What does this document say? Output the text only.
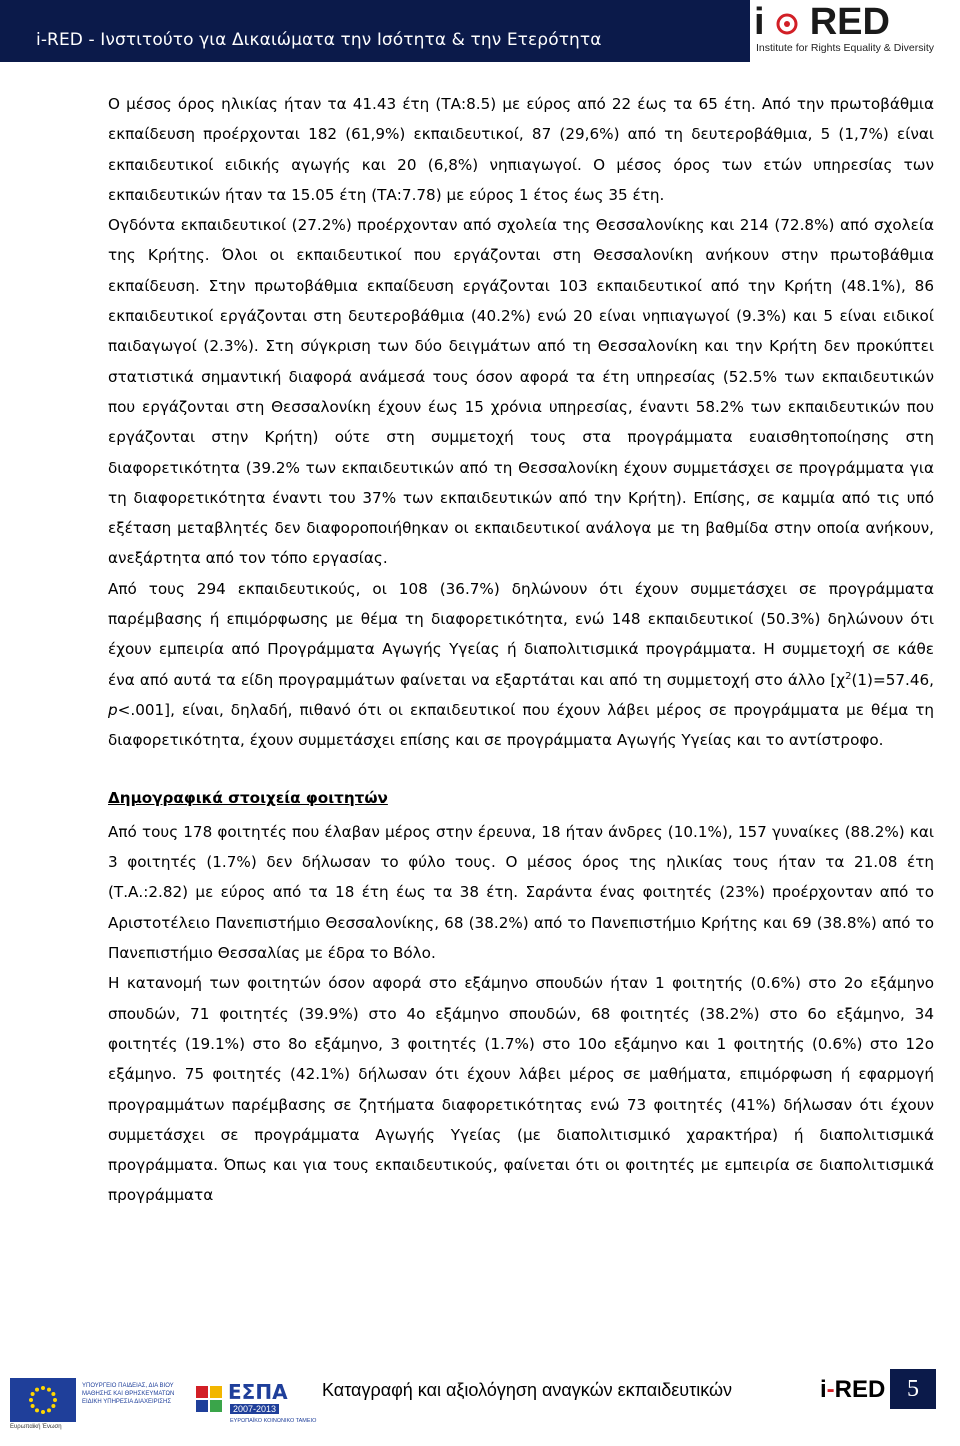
i-RED - Ινστιτούτο για Δικαιώματα την Ισότητα & την Ετερότητα	i RED
Institute for Rights Equality & Diversity

Ο μέσος όρος ηλικίας ήταν τα 41.43 έτη (ΤΑ:8.5) με εύρος από 22 έως τα 65 έτη. Από την πρωτοβάθμια εκπαίδευση προέρχονται 182 (61,9%) εκπαιδευτικοί, 87 (29,6%) από τη δευτεροβάθμια, 5 (1,7%) είναι εκπαιδευτικοί ειδικής αγωγής και 20 (6,8%) νηπιαγωγοί. Ο μέσος όρος των ετών υπηρεσίας των εκπαιδευτικών ήταν τα 15.05 έτη (ΤΑ:7.78) με εύρος 1 έτος έως 35 έτη.

Ογδόντα εκπαιδευτικοί (27.2%) προέρχονταν από σχολεία της Θεσσαλονίκης και 214 (72.8%) από σχολεία της Κρήτης. Όλοι οι εκπαιδευτικοί που εργάζονται στη Θεσσαλονίκη ανήκουν στην πρωτοβάθμια εκπαίδευση. Στην πρωτοβάθμια εκπαίδευση εργάζονται 103 εκπαιδευτικοί από την Κρήτη (48.1%), 86 εκπαιδευτικοί εργάζονται στη δευτεροβάθμια (40.2%) ενώ 20 είναι νηπιαγωγοί (9.3%) και 5 είναι ειδικοί παιδαγωγοί (2.3%). Στη σύγκριση των δύο δειγμάτων από τη Θεσσαλονίκη και την Κρήτη δεν προκύπτει στατιστικά σημαντική διαφορά ανάμεσά τους όσον αφορά τα έτη υπηρεσίας (52.5% των εκπαιδευτικών που εργάζονται στη Θεσσαλονίκη έχουν έως 15 χρόνια υπηρεσίας, έναντι 58.2% των εκπαιδευτικών που εργάζονται στην Κρήτη) ούτε στη συμμετοχή τους στα προγράμματα ευαισθητοποίησης στη διαφορετικότητα (39.2% των εκπαιδευτικών από τη Θεσσαλονίκη έχουν συμμετάσχει σε προγράμματα για τη διαφορετικότητα έναντι του 37% των εκπαιδευτικών από την Κρήτη). Επίσης, σε καμμία από τις υπό εξέταση μεταβλητές δεν διαφοροποιήθηκαν οι εκπαιδευτικοί ανάλογα με τη βαθμίδα στην οποία ανήκουν, ανεξάρτητα από τον τόπο εργασίας.

Από τους 294 εκπαιδευτικούς, οι 108 (36.7%) δηλώνουν ότι έχουν συμμετάσχει σε προγράμματα παρέμβασης ή επιμόρφωσης με θέμα τη διαφορετικότητα, ενώ 148 εκπαιδευτικοί (50.3%) δηλώνουν ότι έχουν εμπειρία από Προγράμματα Αγωγής Υγείας ή διαπολιτισμικά προγράμματα. Η συμμετοχή σε κάθε ένα από αυτά τα είδη προγραμμάτων φαίνεται να εξαρτάται και από τη συμμετοχή στο άλλο [$\chi^2(1)=57.46$, p<.001], είναι, δηλαδή, πιθανό ότι οι εκπαιδευτικοί που έχουν λάβει μέρος σε προγράμματα με θέμα τη διαφορετικότητα, έχουν συμμετάσχει επίσης και σε προγράμματα Αγωγής Υγείας και το αντίστροφο.

Δημογραφικά στοιχεία φοιτητών

Από τους 178 φοιτητές που έλαβαν μέρος στην έρευνα, 18 ήταν άνδρες (10.1%), 157 γυναίκες (88.2%) και 3 φοιτητές (1.7%) δεν δήλωσαν το φύλο τους. Ο μέσος όρος της ηλικίας τους ήταν τα 21.08 έτη (Τ.Α.:2.82) με εύρος από τα 18 έτη έως τα 38 έτη. Σαράντα ένας φοιτητές (23%) προέρχονταν από το Αριστοτέλειο Πανεπιστήμιο Θεσσαλονίκης, 68 (38.2%) από το Πανεπιστήμιο Κρήτης και 69 (38.8%) από το Πανεπιστήμιο Θεσσαλίας με έδρα το Βόλο.

Η κατανομή των φοιτητών όσον αφορά στο εξάμηνο σπουδών ήταν 1 φοιτητής (0.6%) στο 2ο εξάμηνο σπουδών, 71 φοιτητές (39.9%) στο 4ο εξάμηνο σπουδών, 68 φοιτητές (38.2%) στο 6ο εξάμηνο, 34 φοιτητές (19.1%) στο 8ο εξάμηνο, 3 φοιτητές (1.7%) στο 10ο εξάμηνο και 1 φοιτητής (0.6%) στο 12ο εξάμηνο. 75 φοιτητές (42.1%) δήλωσαν ότι έχουν λάβει μέρος σε μαθήματα, επιμόρφωση ή εφαρμογή προγραμμάτων παρέμβασης σε ζητήματα διαφορετικότητας ενώ 73 φοιτητές (41%) δήλωσαν ότι έχουν συμμετάσχει σε προγράμματα Αγωγής Υγείας (με διαπολιτισμικό χαρακτήρα) ή διαπολιτισμικά προγράμματα. Όπως και για τους εκπαιδευτικούς, φαίνεται ότι οι φοιτητές με εμπειρία σε διαπολιτισμικά προγράμματα

Ευρωπαϊκή Ένωση
ΥΠΟΥΡΓΕΙΟ ΠΑΙΔΕΙΑΣ, ΔΙΑ ΒΙΟΥ ΜΑΘΗΣΗΣ ΚΑΙ ΘΡΗΣΚΕΥΜΑΤΩΝ ΕΙΔΙΚΗ ΥΠΗΡΕΣΙΑ ΔΙΑΧΕΙΡΙΣΗΣ	ΕΣΠΑ
2007-2013
ΕΥΡΩΠΑΪΚΟ ΚΟΙΝΩΝΙΚΟ ΤΑΜΕΙΟ
Καταγραφή και αξιολόγηση αναγκών εκπαιδευτικών	i-RED 5
